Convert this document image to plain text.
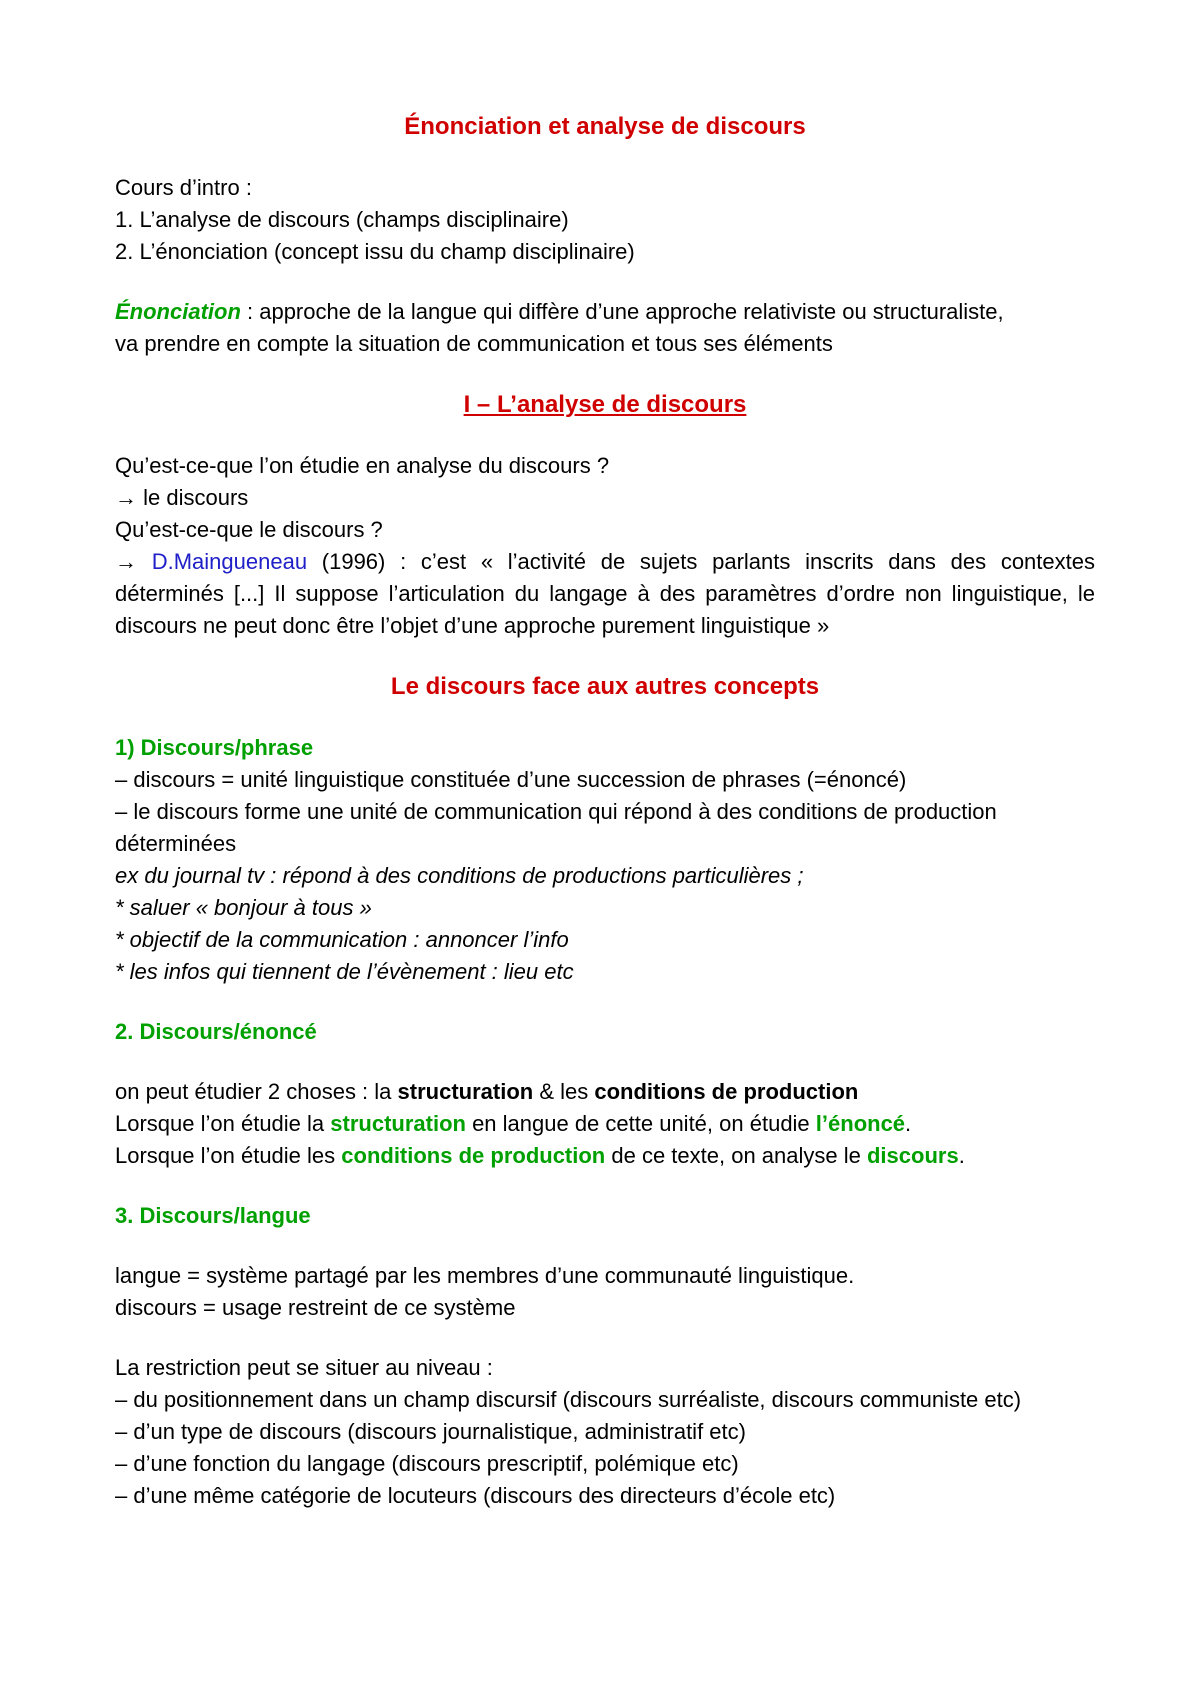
Énonciation et analyse de discours
Cours d’intro :
1. L’analyse de discours (champs disciplinaire)
2. L’énonciation (concept issu du champ disciplinaire)
Énonciation : approche de la langue qui diffère d’une approche relativiste ou structuraliste,
va prendre en compte la situation de communication et tous ses éléments
I – L’analyse de discours
Qu’est-ce-que l’on étudie en analyse du discours ?
→ le discours
Qu’est-ce-que le discours ?
→ D.Maingueneau (1996) : c’est « l’activité de sujets parlants inscrits dans des contextes déterminés [...] Il suppose l’articulation du langage à des paramètres d’ordre non linguistique, le discours ne peut donc être l’objet d’une approche purement linguistique »
Le discours face aux autres concepts
1) Discours/phrase
– discours = unité linguistique constituée d’une succession de phrases (=énoncé)
– le discours forme une unité de communication qui répond à des conditions de production
déterminées
ex du journal tv : répond à des conditions de productions particulières ;
* saluer « bonjour à tous »
* objectif de la communication : annoncer l’info
* les infos qui tiennent de l’évènement : lieu etc
2. Discours/énoncé
on peut étudier 2 choses : la structuration & les conditions de production
Lorsque l’on étudie la structuration en langue de cette unité, on étudie l’énoncé.
Lorsque l’on étudie les conditions de production de ce texte, on analyse le discours.
3. Discours/langue
langue = système partagé par les membres d’une communauté linguistique.
discours = usage restreint de ce système
La restriction peut se situer au niveau :
– du positionnement dans un champ discursif (discours surréaliste, discours communiste etc)
– d’un type de discours (discours journalistique, administratif etc)
– d’une fonction du langage (discours prescriptif, polémique etc)
– d’une même catégorie de locuteurs (discours des directeurs d’école etc)
